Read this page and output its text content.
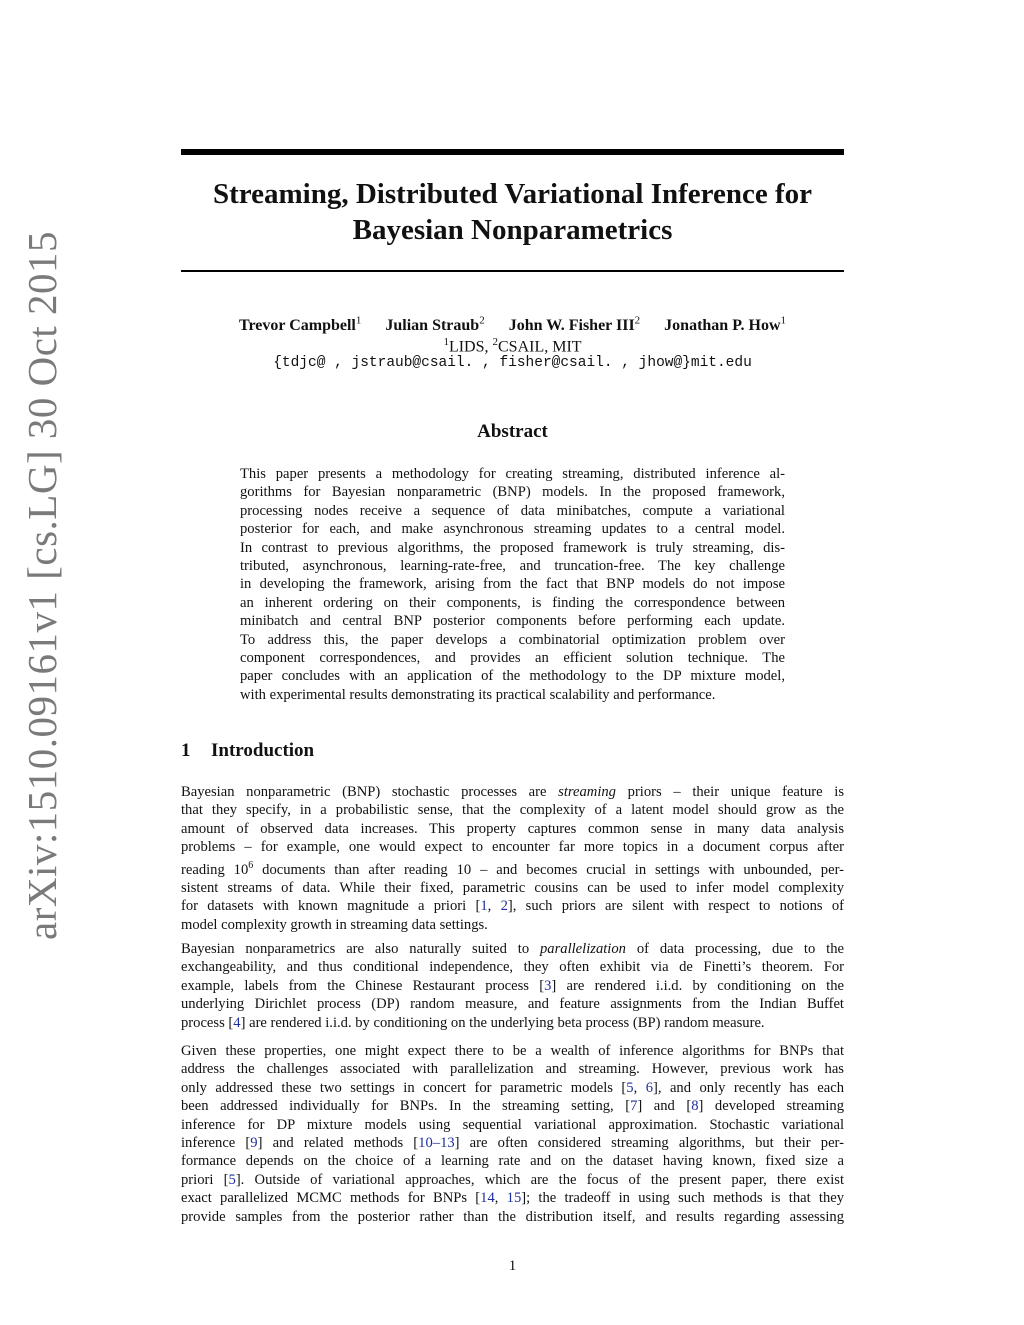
arXiv:1510.09161v1 [cs.LG] 30 Oct 2015
Streaming, Distributed Variational Inference for
Bayesian Nonparametrics
Trevor Campbell$^1$ Julian Straub$^2$ John W. Fisher III$^2$ Jonathan P. How$^1$
$^1$LIDS, $^2$CSAIL, MIT
{tdjc@ , jstraub@csail. , fisher@csail. , jhow@}mit.edu
Abstract
This paper presents a methodology for creating streaming, distributed inference al-
gorithms for Bayesian nonparametric (BNP) models. In the proposed framework,
processing nodes receive a sequence of data minibatches, compute a variational
posterior for each, and make asynchronous streaming updates to a central model.
In contrast to previous algorithms, the proposed framework is truly streaming, dis-
tributed, asynchronous, learning-rate-free, and truncation-free. The key challenge
in developing the framework, arising from the fact that BNP models do not impose
an inherent ordering on their components, is finding the correspondence between
minibatch and central BNP posterior components before performing each update.
To address this, the paper develops a combinatorial optimization problem over
component correspondences, and provides an efficient solution technique. The
paper concludes with an application of the methodology to the DP mixture model,
with experimental results demonstrating its practical scalability and performance.
1 Introduction
Bayesian nonparametric (BNP) stochastic processes are streaming priors – their unique feature is
that they specify, in a probabilistic sense, that the complexity of a latent model should grow as the
amount of observed data increases. This property captures common sense in many data analysis
problems – for example, one would expect to encounter far more topics in a document corpus after
reading $10^6$ documents than after reading 10 – and becomes crucial in settings with unbounded, per-
sistent streams of data. While their fixed, parametric cousins can be used to infer model complexity
for datasets with known magnitude a priori [1, 2], such priors are silent with respect to notions of
model complexity growth in streaming data settings.
Bayesian nonparametrics are also naturally suited to parallelization of data processing, due to the
exchangeability, and thus conditional independence, they often exhibit via de Finetti’s theorem. For
example, labels from the Chinese Restaurant process [3] are rendered i.i.d. by conditioning on the
underlying Dirichlet process (DP) random measure, and feature assignments from the Indian Buffet
process [4] are rendered i.i.d. by conditioning on the underlying beta process (BP) random measure.
Given these properties, one might expect there to be a wealth of inference algorithms for BNPs that
address the challenges associated with parallelization and streaming. However, previous work has
only addressed these two settings in concert for parametric models [5, 6], and only recently has each
been addressed individually for BNPs. In the streaming setting, [7] and [8] developed streaming
inference for DP mixture models using sequential variational approximation. Stochastic variational
inference [9] and related methods [10–13] are often considered streaming algorithms, but their per-
formance depends on the choice of a learning rate and on the dataset having known, fixed size a
priori [5]. Outside of variational approaches, which are the focus of the present paper, there exist
exact parallelized MCMC methods for BNPs [14, 15]; the tradeoff in using such methods is that they
provide samples from the posterior rather than the distribution itself, and results regarding assessing
1
